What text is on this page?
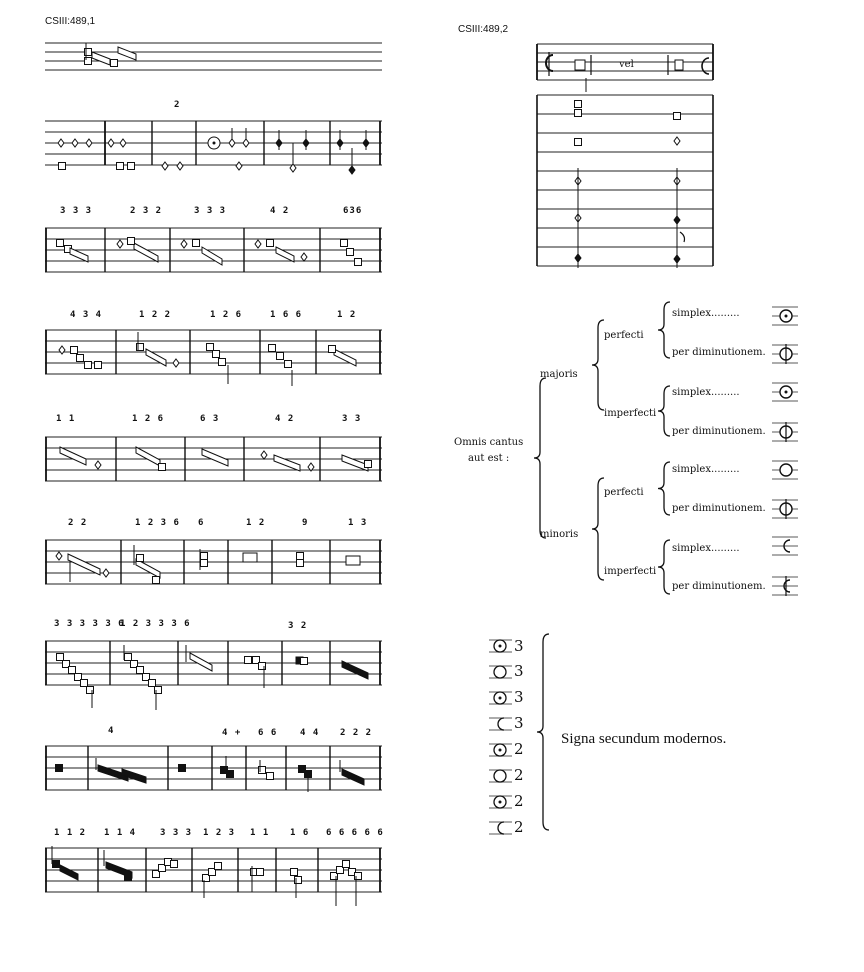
CSIII:489,1
CSIII:489,2
2
3 3 3	2 3 2	3 3 3	4 2	636
4 3 4	1 2 2	1 2 6	1 6 6	1 2
1 1	1 2 6	6 3	4 2	3 3
2 2	1 2 3 6 6	1 2	9	1 3
3 3 3 3 3 6
1 2 3 3 3 6	3 2
4	4 + 6 6	4 4 2 2 2
1 1 2 1 1 4	3 3 3 1 2 3 1 1 1 6 6 6 6 6 6
vel
Omnis cantus
aut est :
majoris
minoris
perfecti
imperfecti
perfecti
imperfecti
simplex.........
per diminutionem.
simplex.........
per diminutionem.
simplex.........
per diminutionem.
simplex.........
per diminutionem.
3
3
3
3
2
2
2
2
Signa secundum modernos.
